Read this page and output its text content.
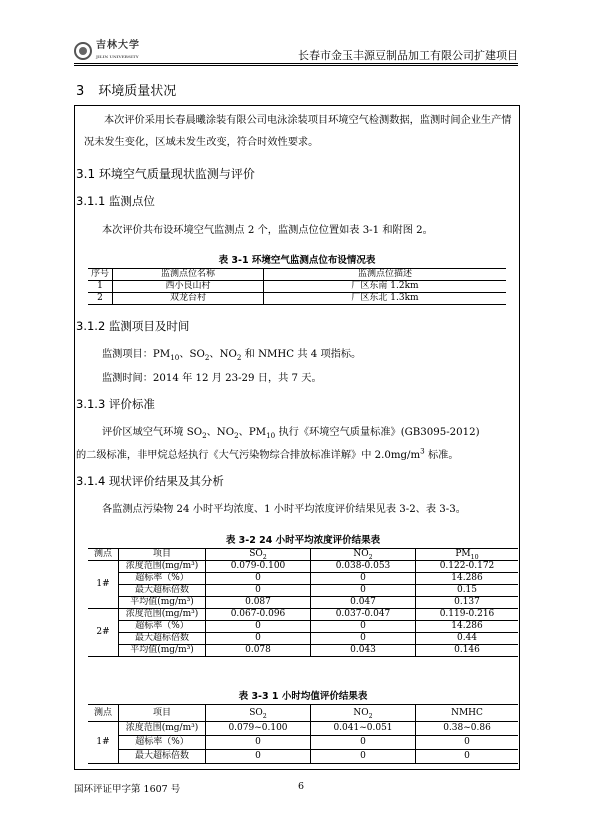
吉林大学
JILIN UNIVERSITY	长春市金玉丰源豆制品加工有限公司扩建项目
3 环境质量状况
本次评价采用长春晨曦涂装有限公司电泳涂装项目环境空气检测数据，监测时间企业生产情况未发生变化，区域未发生改变，符合时效性要求。
3.1 环境空气质量现状监测与评价
3.1.1 监测点位
本次评价共布设环境空气监测点 2 个，监测点位位置如表 3-1 和附图 2。
表 3-1 环境空气监测点位布设情况表
序号	监测点位名称	监测点位描述
1	西小良山村	厂区东南 1.2km
2	双龙台村	厂区东北 1.3km
3.1.2 监测项目及时间
监测项目：$PM_{10}$、$SO_2$、$NO_2$ 和 NMHC 共 4 项指标。
监测时间：2014 年 12 月 23-29 日，共 7 天。
3.1.3 评价标准
评价区域空气环境 $SO_2$、$NO_2$、$PM_{10}$ 执行《环境空气质量标准》(GB3095-2012)
的二级标准，非甲烷总烃执行《大气污染物综合排放标准详解》中 $2.0mg/m^3$ 标准。
3.1.4 现状评价结果及其分析
各监测点污染物 24 小时平均浓度、1 小时平均浓度评价结果见表 3-2、表 3-3。
表 3-2 24 小时平均浓度评价结果表
测点	项目	$SO_2$	$NO_2$	$PM_{10}$
1#	浓度范围(mg/m³)	0.079-0.100	0.038-0.053	0.122-0.172
	超标率（%）	0	0	14.286
	最大超标倍数	0	0	0.15
	平均值(mg/m³)	0.087	0.047	0.137
2#	浓度范围(mg/m³)	0.067-0.096	0.037-0.047	0.119-0.216
	超标率（%）	0	0	14.286
	最大超标倍数	0	0	0.44
	平均值(mg/m³)	0.078	0.043	0.146
表 3-3 1 小时均值评价结果表
测点	项目	$SO_2$	$NO_2$	NMHC
1#	浓度范围(mg/m³)	0.079~0.100	0.041~0.051	0.38~0.86
	超标率（%）	0	0	0
	最大超标倍数	0	0	0
国环评证甲字第 1607 号	6
